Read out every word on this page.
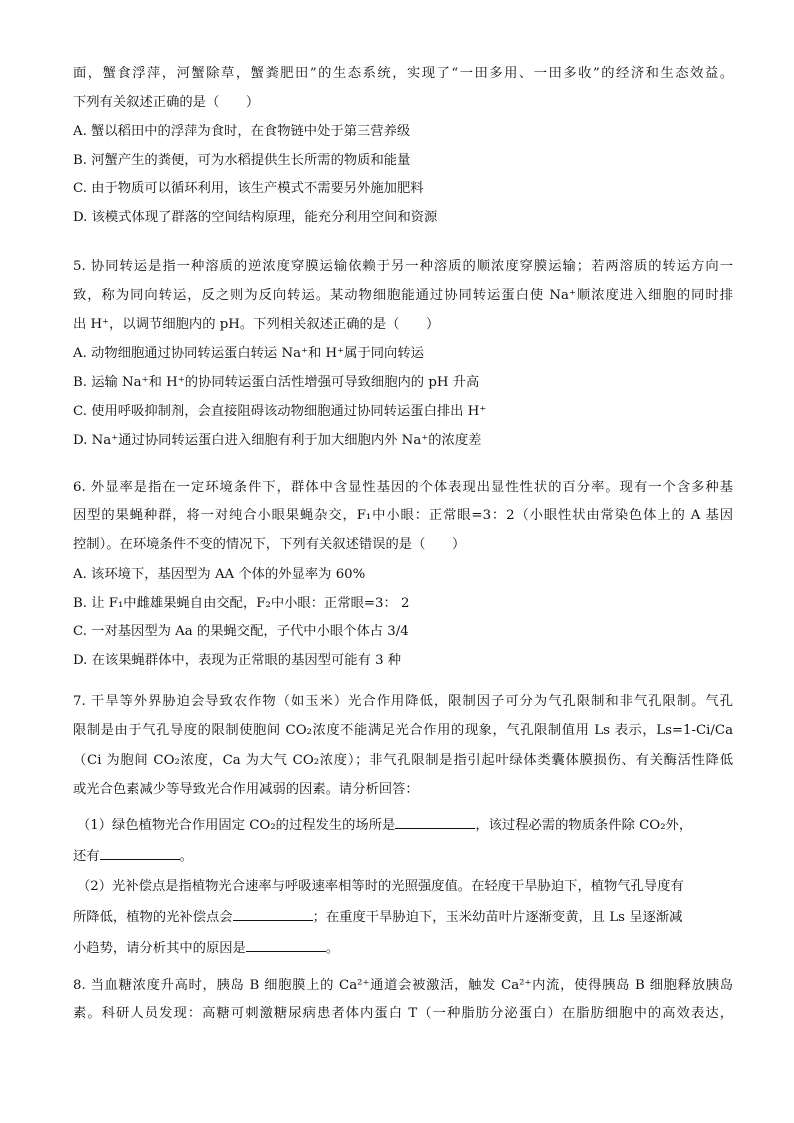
面，蟹食浮萍，河蟹除草，蟹粪肥田”的生态系统，实现了“一田多用、一田多收”的经济和生态效益。
下列有关叙述正确的是（　　）
A. 蟹以稻田中的浮萍为食时，在食物链中处于第三营养级
B. 河蟹产生的粪便，可为水稻提供生长所需的物质和能量
C. 由于物质可以循环利用，该生产模式不需要另外施加肥料
D. 该模式体现了群落的空间结构原理，能充分利用空间和资源
5. 协同转运是指一种溶质的逆浓度穿膜运输依赖于另一种溶质的顺浓度穿膜运输；若两溶质的转运方向一
致，称为同向转运，反之则为反向转运。某动物细胞能通过协同转运蛋白使 Na⁺顺浓度进入细胞的同时排
出 H⁺，以调节细胞内的 pH。下列相关叙述正确的是（　　）
A. 动物细胞通过协同转运蛋白转运 Na⁺和 H⁺属于同向转运
B. 运输 Na⁺和 H⁺的协同转运蛋白活性增强可导致细胞内的 pH 升高
C. 使用呼吸抑制剂，会直接阻碍该动物细胞通过协同转运蛋白排出 H⁺
D. Na⁺通过协同转运蛋白进入细胞有利于加大细胞内外 Na⁺的浓度差
6. 外显率是指在一定环境条件下，群体中含显性基因的个体表现出显性性状的百分率。现有一个含多种基
因型的果蝇种群，将一对纯合小眼果蝇杂交，F₁中小眼：正常眼=3：2（小眼性状由常染色体上的 A 基因
控制）。在环境条件不变的情况下，下列有关叙述错误的是（　　）
A. 该环境下，基因型为 AA 个体的外显率为 60%
B. 让 F₁中雌雄果蝇自由交配，F₂中小眼：正常眼=3： 2
C. 一对基因型为 Aa 的果蝇交配，子代中小眼个体占 3/4
D. 在该果蝇群体中，表现为正常眼的基因型可能有 3 种
7. 干旱等外界胁迫会导致农作物（如玉米）光合作用降低，限制因子可分为气孔限制和非气孔限制。气孔
限制是由于气孔导度的限制使胞间 CO₂浓度不能满足光合作用的现象，气孔限制值用 Ls 表示，Ls=1-Ci/Ca
（Ci 为胞间 CO₂浓度，Ca 为大气 CO₂浓度）；非气孔限制是指引起叶绿体类囊体膜损伤、有关酶活性降低
或光合色素减少等导致光合作用减弱的因素。请分析回答：
（1）绿色植物光合作用固定 CO₂的过程发生的场所是	，该过程必需的物质条件除 CO₂外，
还有	。
（2）光补偿点是指植物光合速率与呼吸速率相等时的光照强度值。在轻度干旱胁迫下，植物气孔导度有
所降低，植物的光补偿点会	；在重度干旱胁迫下，玉米幼苗叶片逐渐变黄，且 Ls 呈逐渐减
小趋势，请分析其中的原因是	。
8. 当血糖浓度升高时，胰岛 B 细胞膜上的 Ca²⁺通道会被激活，触发 Ca²⁺内流，使得胰岛 B 细胞释放胰岛
素。科研人员发现：高糖可刺激糖尿病患者体内蛋白 T（一种脂肪分泌蛋白）在脂肪细胞中的高效表达，
